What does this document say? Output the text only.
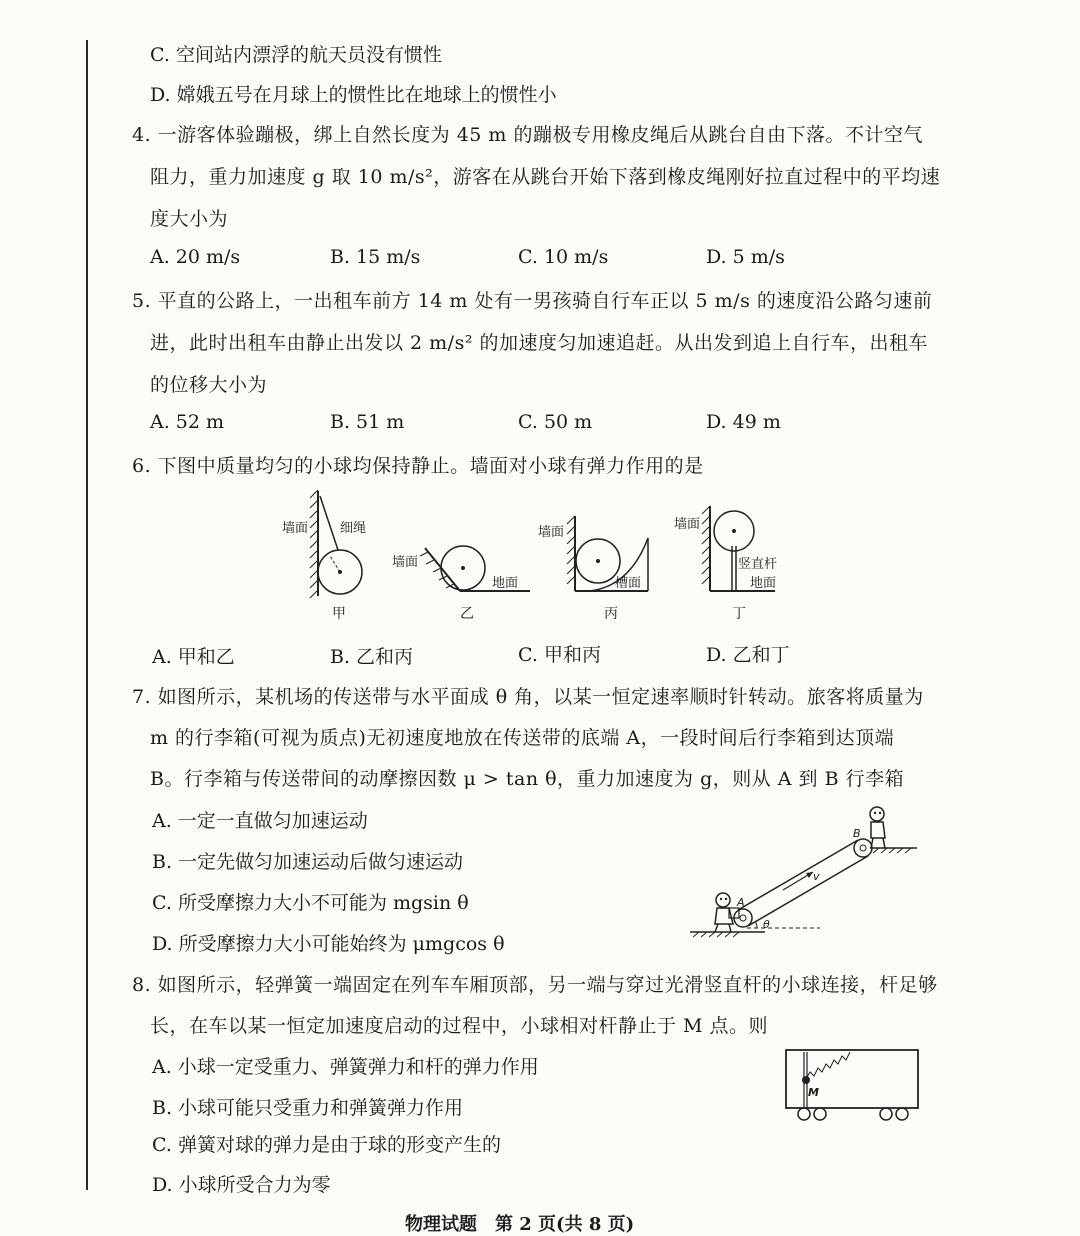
C. 空间站内漂浮的航天员没有惯性
D. 嫦娥五号在月球上的惯性比在地球上的惯性小
4. 一游客体验蹦极，绑上自然长度为 45 m 的蹦极专用橡皮绳后从跳台自由下落。不计空气
阻力，重力加速度 g 取 10 m/s²，游客在从跳台开始下落到橡皮绳刚好拉直过程中的平均速
度大小为
A. 20 m/s	B. 15 m/s	C. 10 m/s	D. 5 m/s
5. 平直的公路上，一出租车前方 14 m 处有一男孩骑自行车正以 5 m/s 的速度沿公路匀速前
进，此时出租车由静止出发以 2 m/s² 的加速度匀加速追赶。从出发到追上自行车，出租车
的位移大小为
A. 52 m	B. 51 m	C. 50 m	D. 49 m
6. 下图中质量均匀的小球均保持静止。墙面对小球有弹力作用的是
墙面 细绳
甲
墙面
地面
乙
墙面
槽面
丙
墙面
竖直杆
地面
丁
A. 甲和乙	B. 乙和丙	C. 甲和丙	D. 乙和丁
7. 如图所示，某机场的传送带与水平面成 θ 角，以某一恒定速率顺时针转动。旅客将质量为
m 的行李箱(可视为质点)无初速度地放在传送带的底端 A，一段时间后行李箱到达顶端
B。行李箱与传送带间的动摩擦因数 μ > tan θ，重力加速度为 g，则从 A 到 B 行李箱
A. 一定一直做匀加速运动
B. 一定先做匀加速运动后做匀速运动
C. 所受摩擦力大小不可能为 mgsin θ
D. 所受摩擦力大小可能始终为 μmgcos θ
v
θ
A
B
8. 如图所示，轻弹簧一端固定在列车车厢顶部，另一端与穿过光滑竖直杆的小球连接，杆足够
长，在车以某一恒定加速度启动的过程中，小球相对杆静止于 M 点。则
A. 小球一定受重力、弹簧弹力和杆的弹力作用
B. 小球可能只受重力和弹簧弹力作用
C. 弹簧对球的弹力是由于球的形变产生的
D. 小球所受合力为零
M
物理试题　第 2 页(共 8 页)
